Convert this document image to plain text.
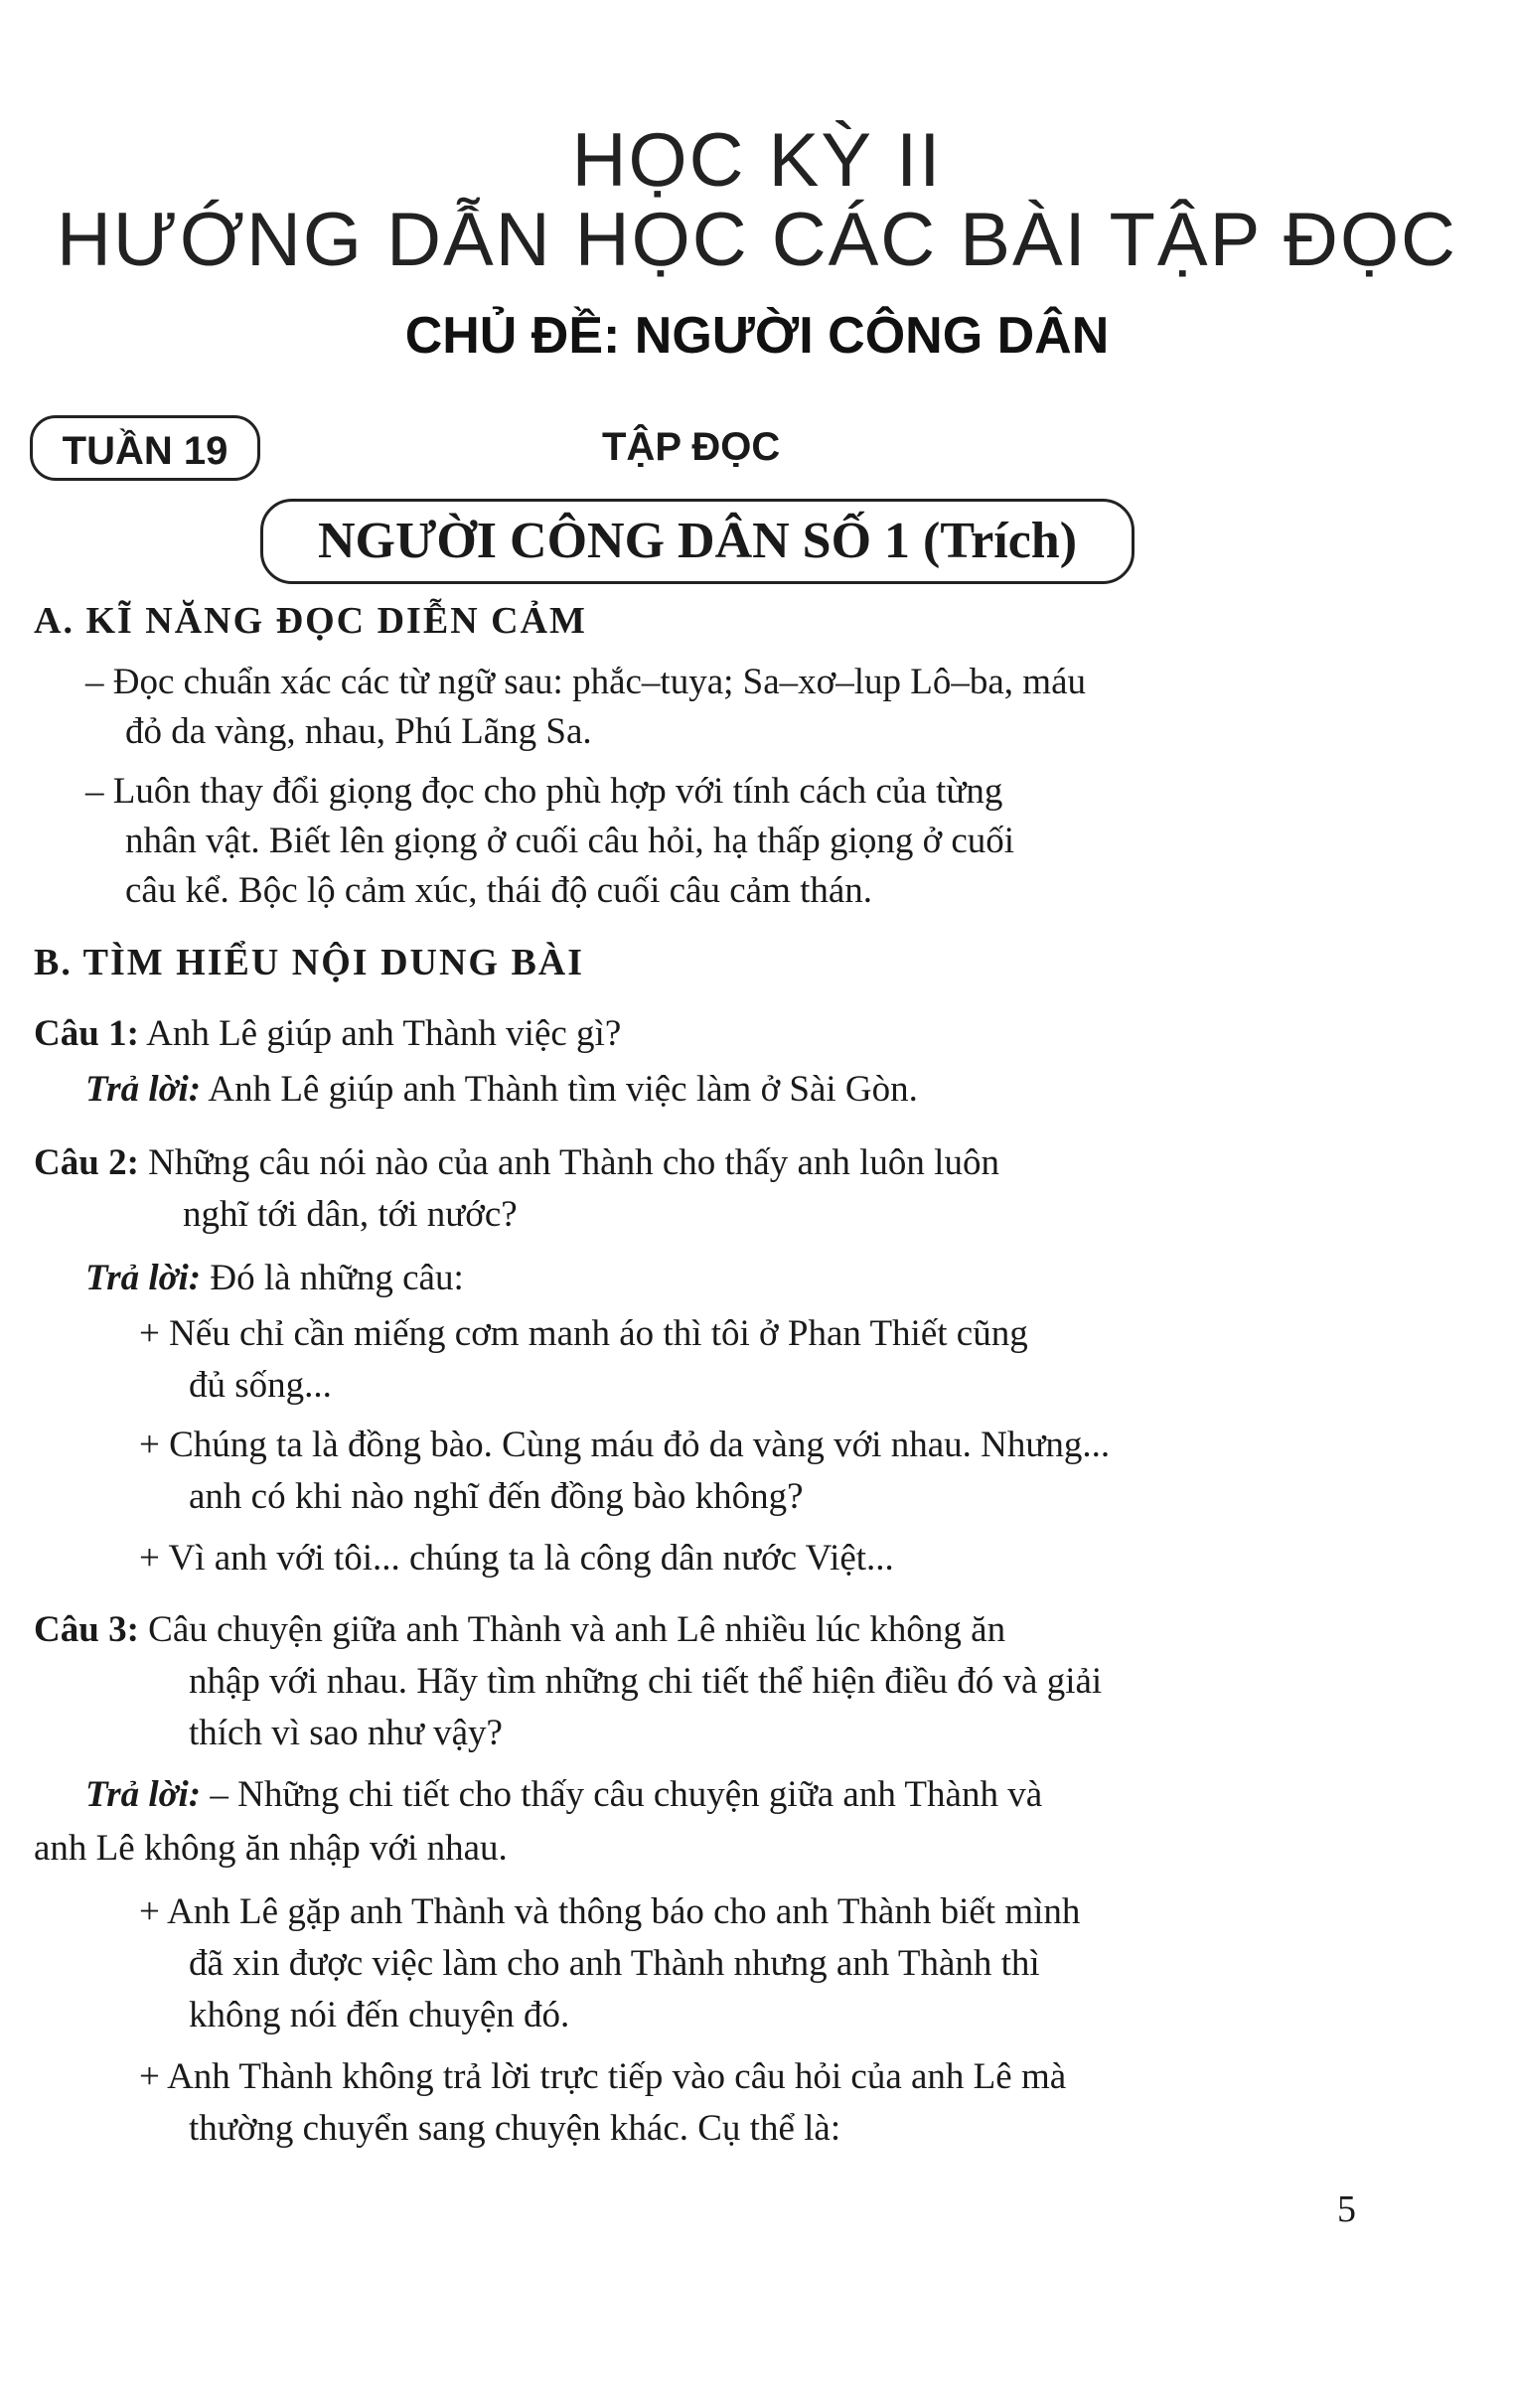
HỌC KỲ II
HƯỚNG DẪN HỌC CÁC BÀI TẬP ĐỌC
CHỦ ĐỀ: NGƯỜI CÔNG DÂN
TUẦN 19	TẬP ĐỌC
NGƯỜI CÔNG DÂN SỐ 1 (Trích)
A. KĨ NĂNG ĐỌC DIỄN CẢM
– Đọc chuẩn xác các từ ngữ sau: phắc–tuya; Sa–xơ–lup Lô–ba, máu
đỏ da vàng, nhau, Phú Lãng Sa.
– Luôn thay đổi giọng đọc cho phù hợp với tính cách của từng
nhân vật. Biết lên giọng ở cuối câu hỏi, hạ thấp giọng ở cuối
câu kể. Bộc lộ cảm xúc, thái độ cuối câu cảm thán.
B. TÌM HIỂU NỘI DUNG BÀI
Câu 1: Anh Lê giúp anh Thành việc gì?
Trả lời: Anh Lê giúp anh Thành tìm việc làm ở Sài Gòn.
Câu 2: Những câu nói nào của anh Thành cho thấy anh luôn luôn
nghĩ tới dân, tới nước?
Trả lời: Đó là những câu:
+ Nếu chỉ cần miếng cơm manh áo thì tôi ở Phan Thiết cũng
đủ sống...
+ Chúng ta là đồng bào. Cùng máu đỏ da vàng với nhau. Nhưng...
anh có khi nào nghĩ đến đồng bào không?
+ Vì anh với tôi... chúng ta là công dân nước Việt...
Câu 3: Câu chuyện giữa anh Thành và anh Lê nhiều lúc không ăn
nhập với nhau. Hãy tìm những chi tiết thể hiện điều đó và giải
thích vì sao như vậy?
Trả lời: – Những chi tiết cho thấy câu chuyện giữa anh Thành và
anh Lê không ăn nhập với nhau.
+ Anh Lê gặp anh Thành và thông báo cho anh Thành biết mình
đã xin được việc làm cho anh Thành nhưng anh Thành thì
không nói đến chuyện đó.
+ Anh Thành không trả lời trực tiếp vào câu hỏi của anh Lê mà
thường chuyển sang chuyện khác. Cụ thể là:
5
